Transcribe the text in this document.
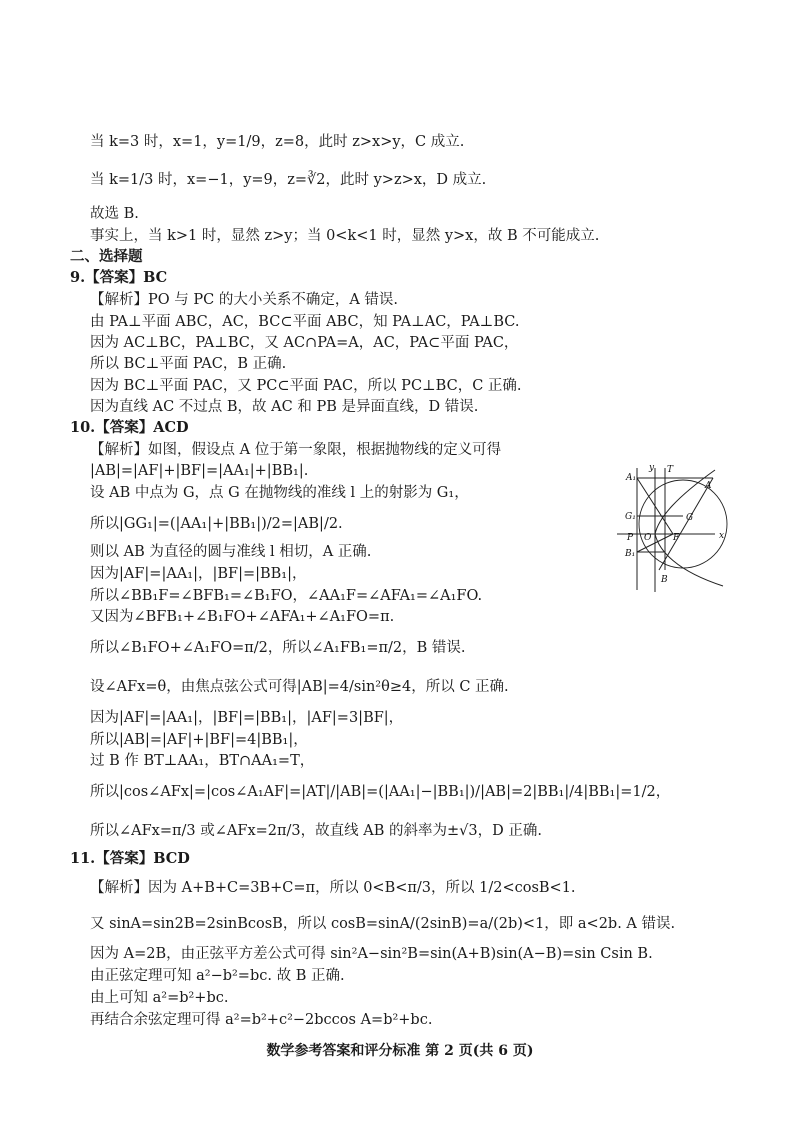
当 k=3 时，x=1，y=1/9，z=8，此时 z>x>y，C 成立.
当 k=1/3 时，x=−1，y=9，z=∛2，此时 y>z>x，D 成立.
故选 B.
事实上，当 k>1 时，显然 z>y；当 0<k<1 时，显然 y>x，故 B 不可能成立.
二、选择题
9.【答案】BC
【解析】PO 与 PC 的大小关系不确定，A 错误.
由 PA⊥平面 ABC，AC，BC⊂平面 ABC，知 PA⊥AC，PA⊥BC.
因为 AC⊥BC，PA⊥BC，又 AC∩PA=A，AC，PA⊂平面 PAC，
所以 BC⊥平面 PAC，B 正确.
因为 BC⊥平面 PAC，又 PC⊂平面 PAC，所以 PC⊥BC，C 正确.
因为直线 AC 不过点 B，故 AC 和 PB 是异面直线，D 错误.
10.【答案】ACD
【解析】如图，假设点 A 位于第一象限，根据抛物线的定义可得
|AB|=|AF|+|BF|=|AA₁|+|BB₁|.
设 AB 中点为 G，点 G 在抛物线的准线 l 上的射影为 G₁，
所以|GG₁|=(|AA₁|+|BB₁|)/2=|AB|/2.
则以 AB 为直径的圆与准线 l 相切，A 正确.
因为|AF|=|AA₁|，|BF|=|BB₁|，
所以∠BB₁F=∠BFB₁=∠B₁FO，∠AA₁F=∠AFA₁=∠A₁FO.
又因为∠BFB₁+∠B₁FO+∠AFA₁+∠A₁FO=π.
所以∠B₁FO+∠A₁FO=π/2，所以∠A₁FB₁=π/2，B 错误.
设∠AFx=θ，由焦点弦公式可得|AB|=4/sin²θ≥4，所以 C 正确.
因为|AF|=|AA₁|，|BF|=|BB₁|，|AF|=3|BF|，
所以|AB|=|AF|+|BF|=4|BB₁|，
过 B 作 BT⊥AA₁，BT∩AA₁=T，
所以|cos∠AFx|=|cos∠A₁AF|=|AT|/|AB|=(|AA₁|−|BB₁|)/|AB|=2|BB₁|/4|BB₁|=1/2，
所以∠AFx=π/3 或∠AFx=2π/3，故直线 AB 的斜率为±√3，D 正确.
11.【答案】BCD
【解析】因为 A+B+C=3B+C=π，所以 0<B<π/3，所以 1/2<cosB<1.
又 sinA=sin2B=2sinBcosB，所以 cosB=sinA/(2sinB)=a/(2b)<1，即 a<2b. A 错误.
因为 A=2B，由正弦平方差公式可得 sin²A−sin²B=sin(A+B)sin(A−B)=sin Csin B.
由正弦定理可知 a²−b²=bc. 故 B 正确.
由上可知 a²=b²+bc.
再结合余弦定理可得 a²=b²+c²−2bccos A=b²+bc.
A₁
y T
A
G₁	G
P O F	x
B₁
B
数学参考答案和评分标准 第 2 页(共 6 页)
